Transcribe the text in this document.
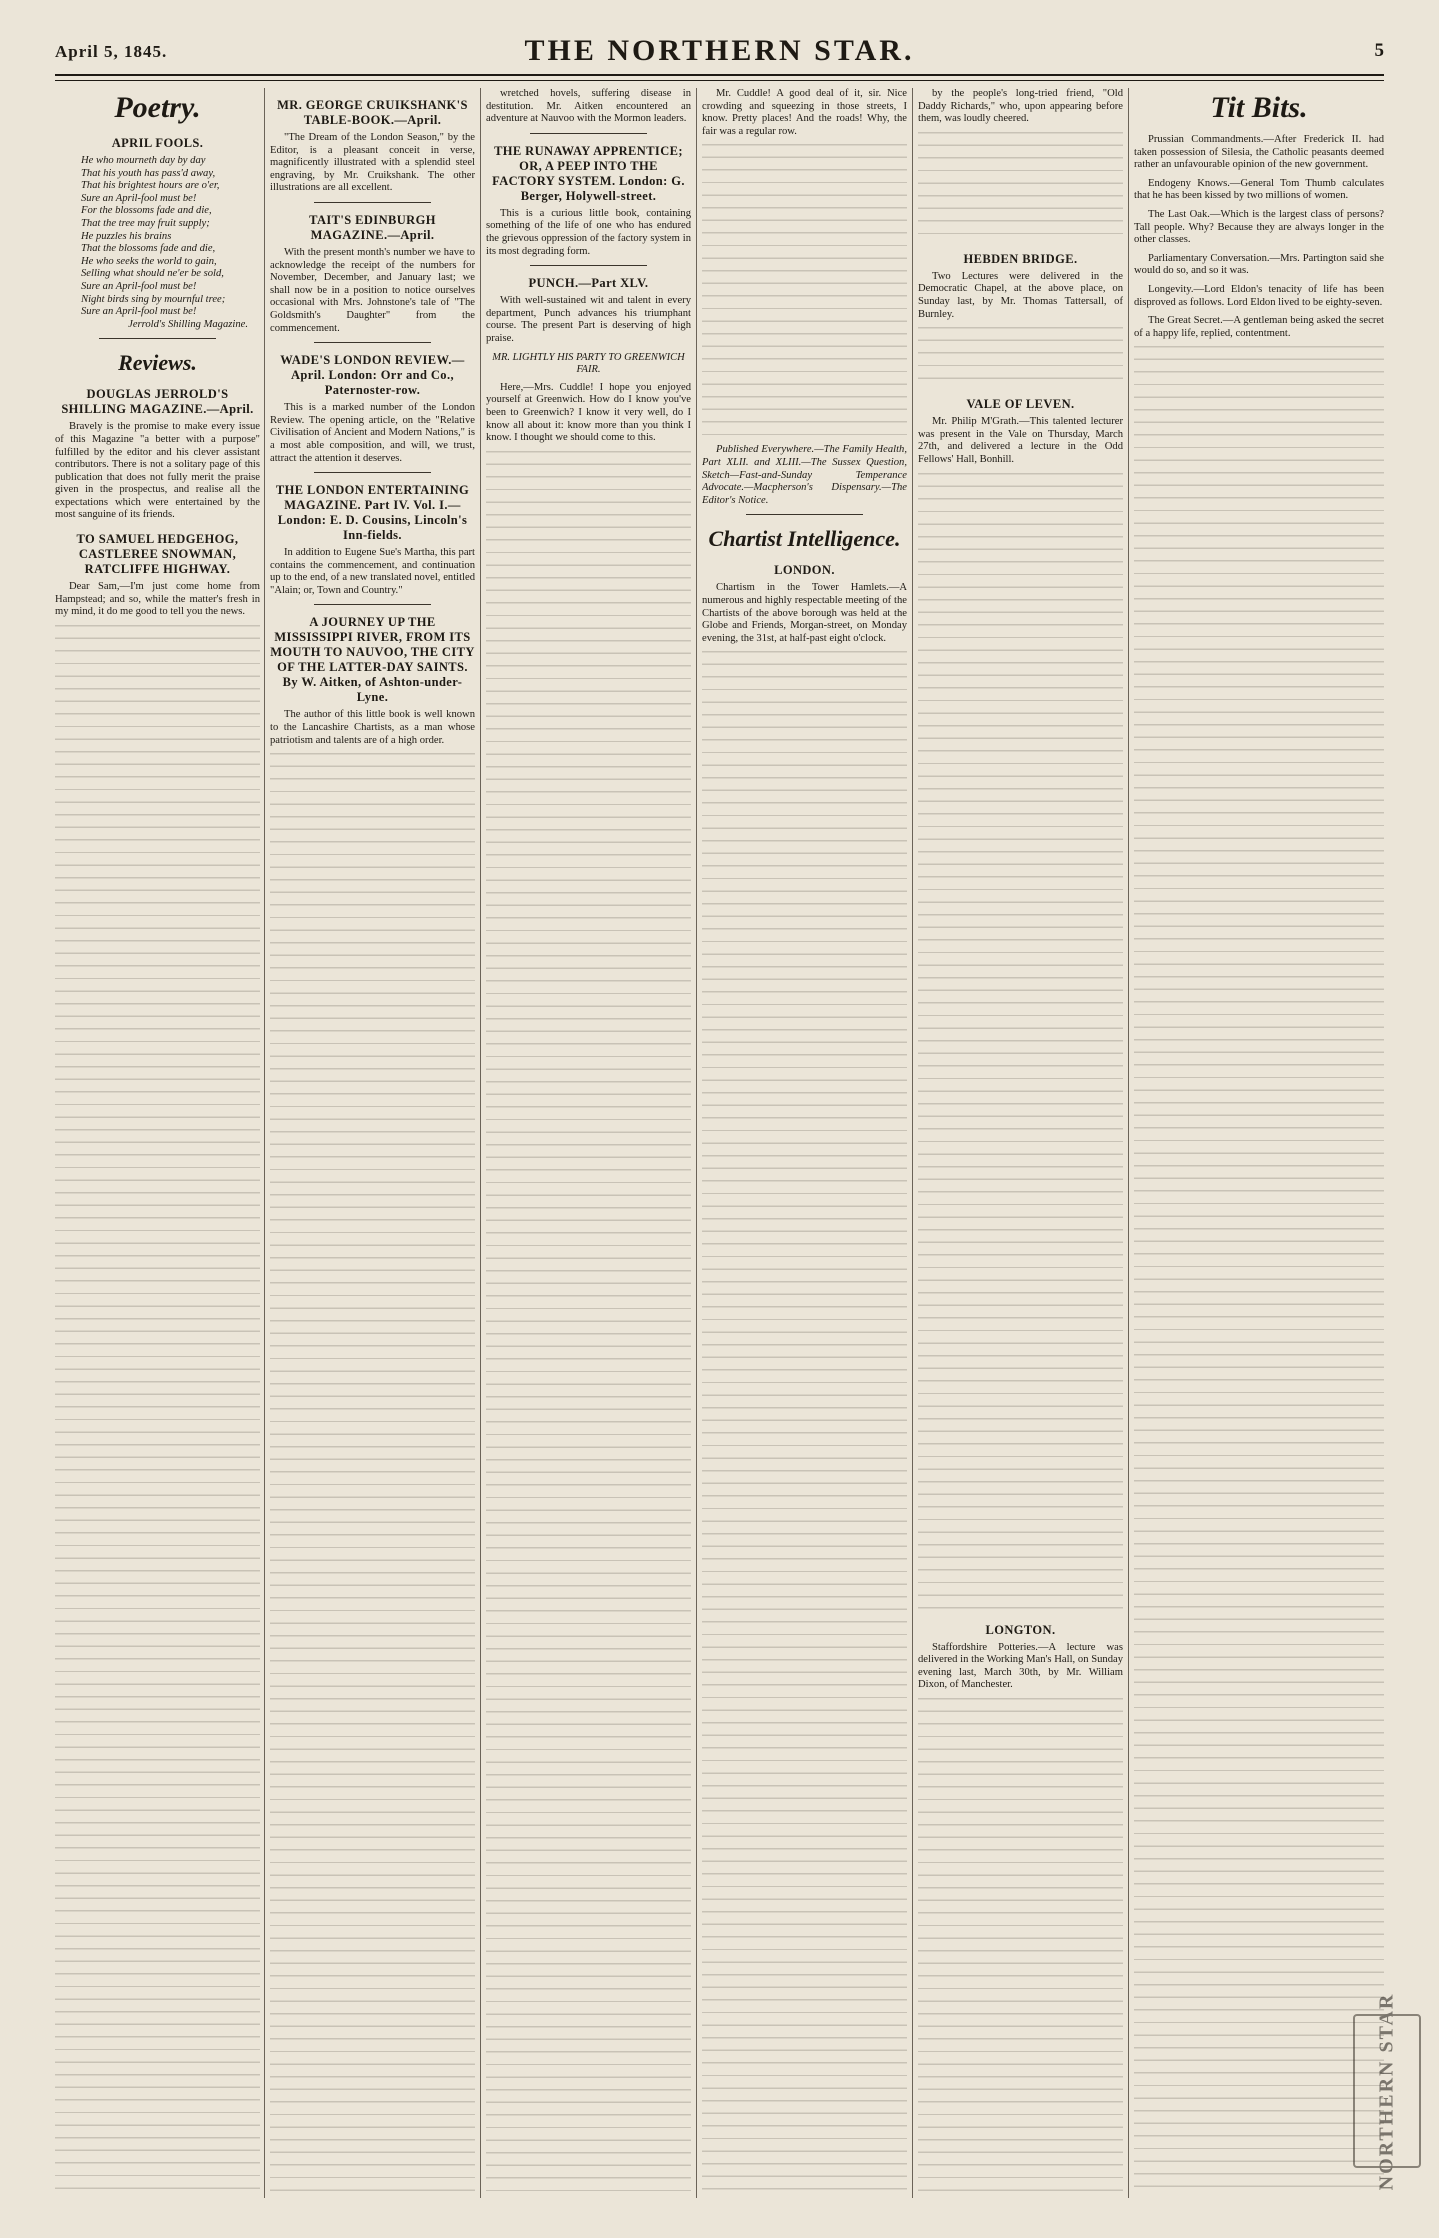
April 5, 1845.	THE NORTHERN STAR.	5
Poetry.
APRIL FOOLS.
He who mourneth day by day
That his youth has pass'd away,
That his brightest hours are o'er,
Sure an April-fool must be!
For the blossoms fade and die,
That the tree may fruit supply;
He puzzles his brains
That the blossoms fade and die,
He who seeks the world to gain,
Selling what should ne'er be sold,
Sure an April-fool must be!
Night birds sing by mournful tree;
Sure an April-fool must be!
Jerrold's Shilling Magazine.
Reviews.
DOUGLAS JERROLD'S SHILLING MAGAZINE.—April.

Bravely is the promise to make every issue of this Magazine "a better with a purpose" fulfilled by the editor and his clever assistant contributors. There is not a solitary page of this publication that does not fully merit the praise given in the prospectus, and realise all the expectations which were entertained by the most sanguine of its friends.

TO SAMUEL HEDGEHOG, CASTLEREE SNOWMAN, RATCLIFFE HIGHWAY.

Dear Sam,—I'm just come home from Hampstead; and so, while the matter's fresh in my mind, it do me good to tell you the news.

MR. GEORGE CRUIKSHANK'S TABLE-BOOK.—April.

"The Dream of the London Season," by the Editor, is a pleasant conceit in verse, magnificently illustrated with a splendid steel engraving, by Mr. Cruikshank. The other illustrations are all excellent.

TAIT'S EDINBURGH MAGAZINE.—April.

With the present month's number we have to acknowledge the receipt of the numbers for November, December, and January last; we shall now be in a position to notice ourselves occasional with Mrs. Johnstone's tale of "The Goldsmith's Daughter" from the commencement.

WADE'S LONDON REVIEW.—April. London: Orr and Co., Paternoster-row.

This is a marked number of the London Review. The opening article, on the "Relative Civilisation of Ancient and Modern Nations," is a most able composition, and will, we trust, attract the attention it deserves.

THE LONDON ENTERTAINING MAGAZINE. Part IV. Vol. I.—London: E. D. Cousins, Lincoln's Inn-fields.

In addition to Eugene Sue's Martha, this part contains the commencement, and continuation up to the end, of a new translated novel, entitled "Alain; or, Town and Country."

A JOURNEY UP THE MISSISSIPPI RIVER, FROM ITS MOUTH TO NAUVOO, THE CITY OF THE LATTER-DAY SAINTS. By W. Aitken, of Ashton-under-Lyne.

The author of this little book is well known to the Lancashire Chartists, as a man whose patriotism and talents are of a high order.

wretched hovels, suffering disease in destitution. Mr. Aitken encountered an adventure at Nauvoo with the Mormon leaders.

THE RUNAWAY APPRENTICE; OR, A PEEP INTO THE FACTORY SYSTEM. London: G. Berger, Holywell-street.

This is a curious little book, containing something of the life of one who has endured the grievous oppression of the factory system in its most degrading form.

PUNCH.—Part XLV.

With well-sustained wit and talent in every department, Punch advances his triumphant course. The present Part is deserving of high praise.

MR. LIGHTLY HIS PARTY TO GREENWICH FAIR.

Here,—Mrs. Cuddle! I hope you enjoyed yourself at Greenwich. How do I know you've been to Greenwich? I know it very well, do I know all about it: know more than you think I know. I thought we should come to this.

Mr. Cuddle! A good deal of it, sir. Nice crowding and squeezing in those streets, I know. Pretty places! And the roads! Why, the fair was a regular row.

Published Everywhere.—The Family Health, Part XLII. and XLIII.—The Sussex Question, Sketch—Fast-and-Sunday Temperance Advocate.—Macpherson's Dispensary.—The Editor's Notice.

Chartist Intelligence.
LONDON.

Chartism in the Tower Hamlets.—A numerous and highly respectable meeting of the Chartists of the above borough was held at the Globe and Friends, Morgan-street, on Monday evening, the 31st, at half-past eight o'clock.

by the people's long-tried friend, "Old Daddy Richards," who, upon appearing before them, was loudly cheered.

HEBDEN BRIDGE.

Two Lectures were delivered in the Democratic Chapel, at the above place, on Sunday last, by Mr. Thomas Tattersall, of Burnley.

VALE OF LEVEN.

Mr. Philip M'Grath.—This talented lecturer was present in the Vale on Thursday, March 27th, and delivered a lecture in the Odd Fellows' Hall, Bonhill.

LONGTON.

Staffordshire Potteries.—A lecture was delivered in the Working Man's Hall, on Sunday evening last, March 30th, by Mr. William Dixon, of Manchester.

Tit Bits.

Prussian Commandments.—After Frederick II. had taken possession of Silesia, the Catholic peasants deemed rather an unfavourable opinion of the new government.

Endogeny Knows.—General Tom Thumb calculates that he has been kissed by two millions of women.

The Last Oak.—Which is the largest class of persons? Tall people. Why? Because they are always longer in the other classes.

Parliamentary Conversation.—Mrs. Partington said she would do so, and so it was.

Longevity.—Lord Eldon's tenacity of life has been disproved as follows. Lord Eldon lived to be eighty-seven.

The Great Secret.—A gentleman being asked the secret of a happy life, replied, contentment.

NORTHERN STAR
